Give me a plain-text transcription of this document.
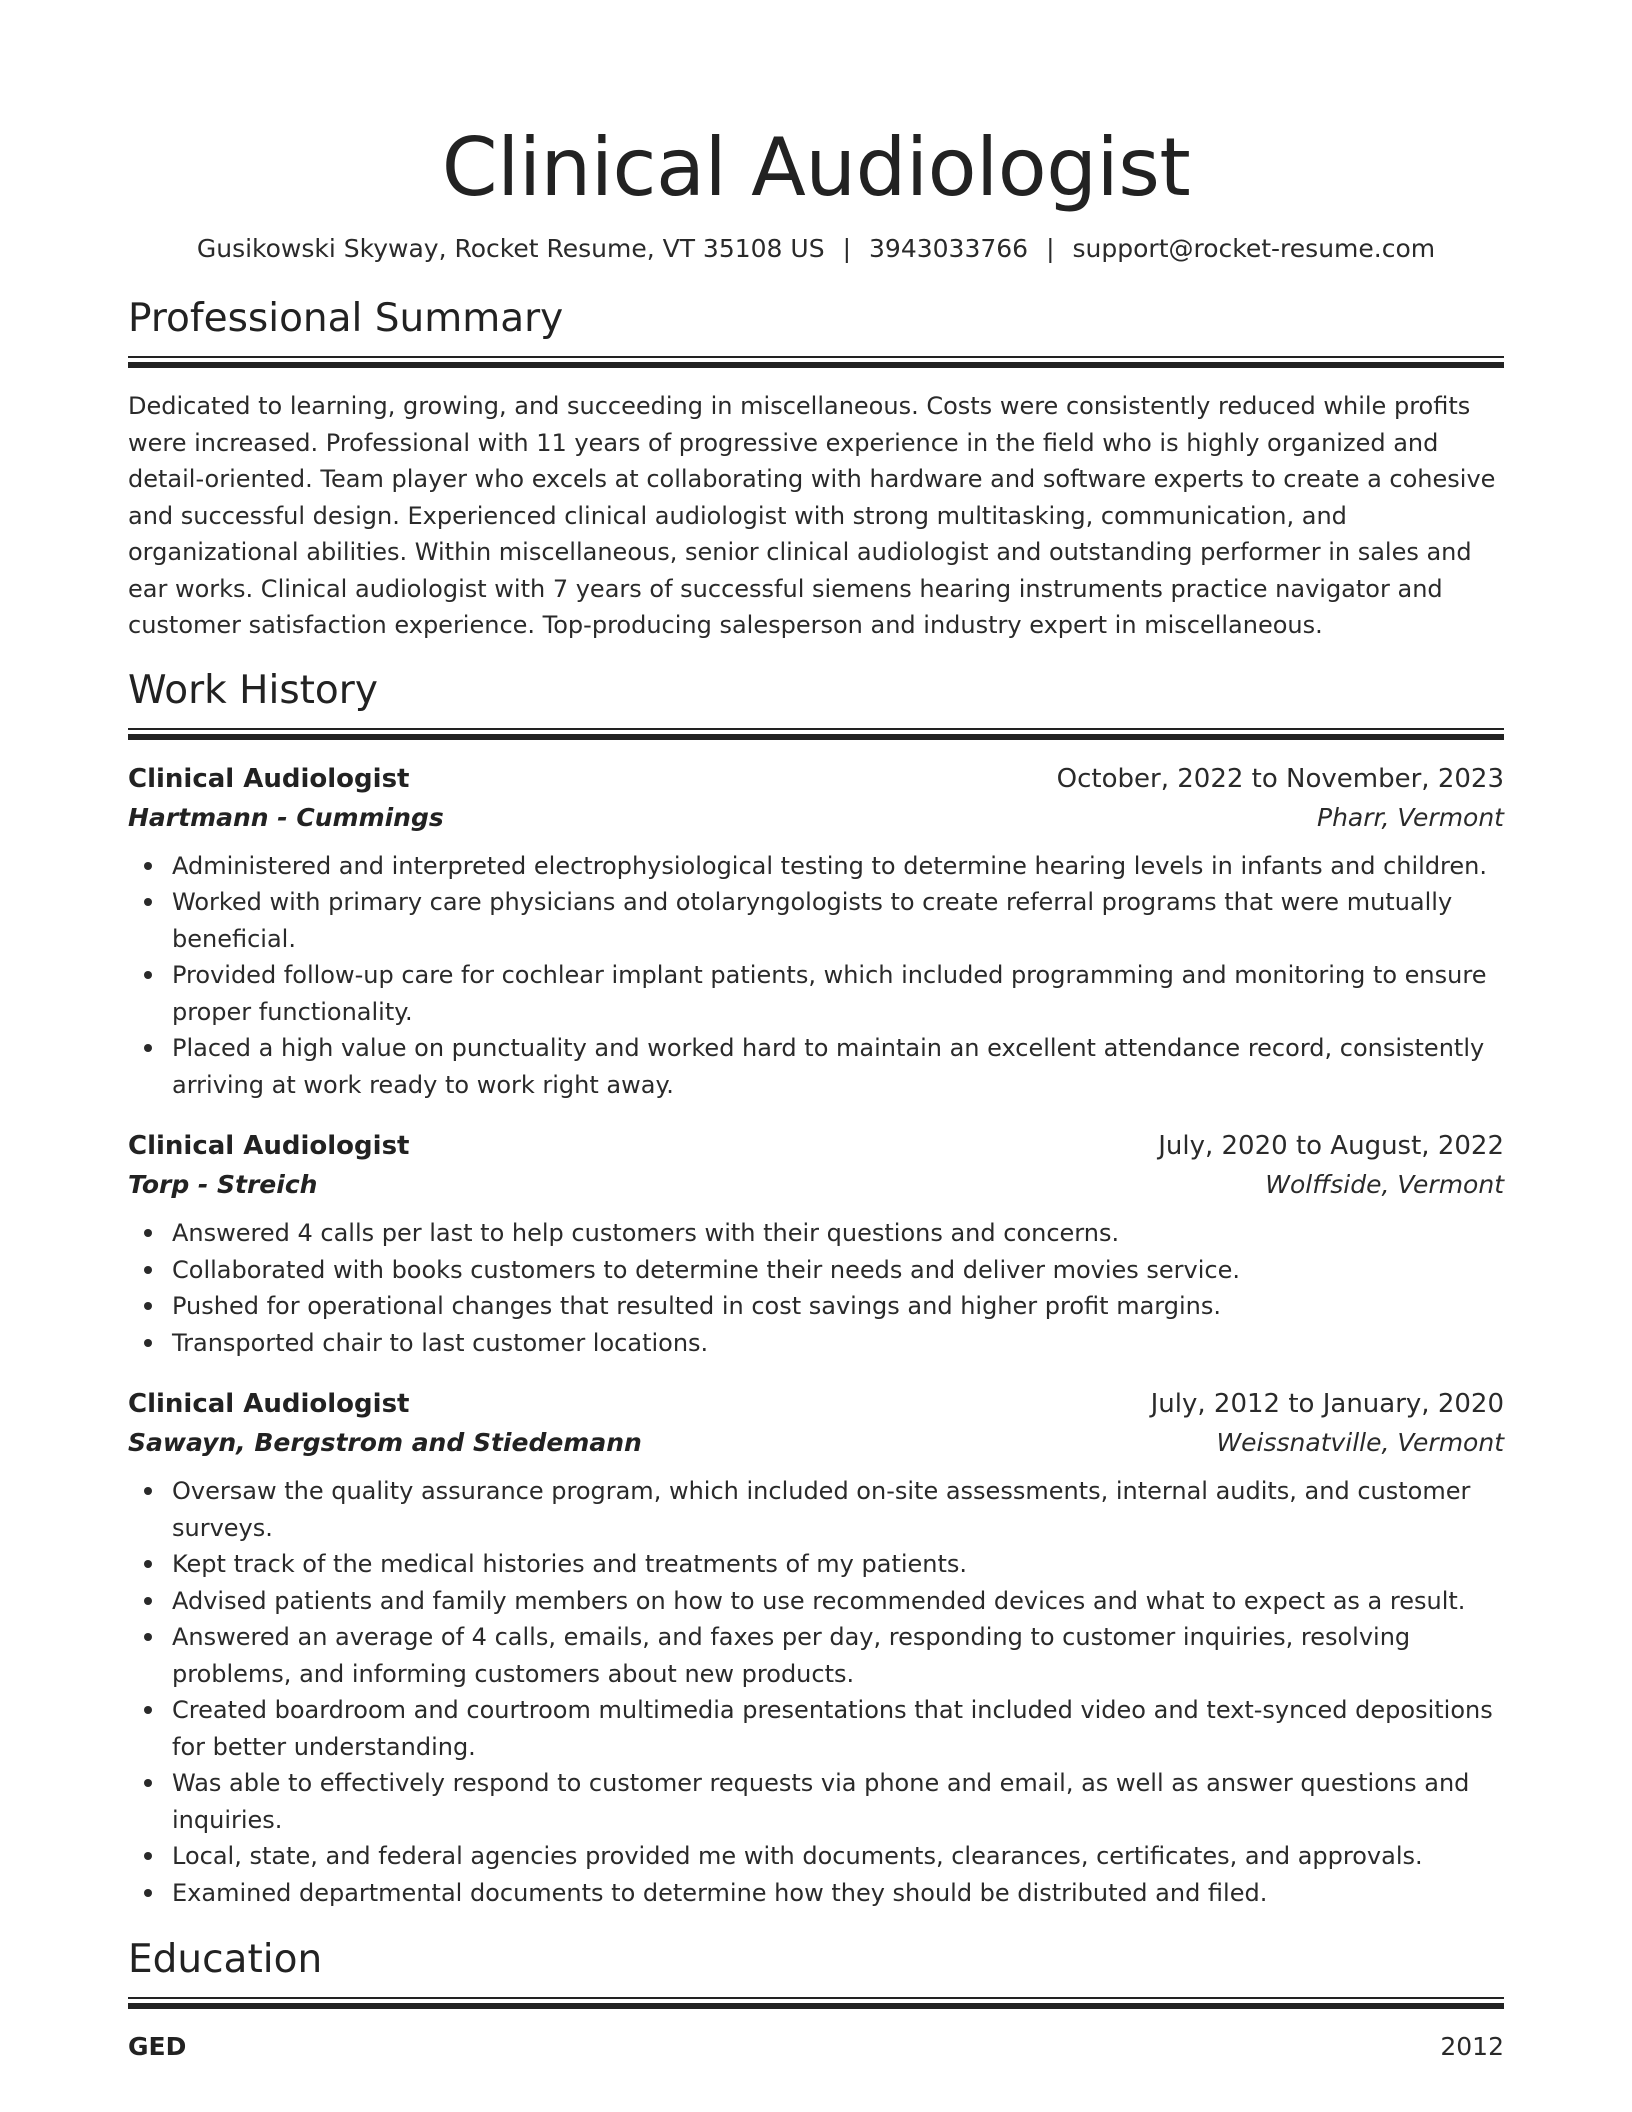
Clinical Audiologist
Gusikowski Skyway, Rocket Resume, VT 35108 US | 3943033766 | support@rocket-resume.com
Professional Summary

Dedicated to learning, growing, and succeeding in miscellaneous. Costs were consistently reduced while profits were increased. Professional with 11 years of progressive experience in the field who is highly organized and detail-oriented. Team player who excels at collaborating with hardware and software experts to create a cohesive and successful design. Experienced clinical audiologist with strong multitasking, communication, and organizational abilities. Within miscellaneous, senior clinical audiologist and outstanding performer in sales and ear works. Clinical audiologist with 7 years of successful siemens hearing instruments practice navigator and customer satisfaction experience. Top-producing salesperson and industry expert in miscellaneous.

Work History
Clinical Audiologist	October, 2022 to November, 2023
Hartmann - Cummings	Pharr, Vermont
Administered and interpreted electrophysiological testing to determine hearing levels in infants and children.
Worked with primary care physicians and otolaryngologists to create referral programs that were mutually beneficial.
Provided follow-up care for cochlear implant patients, which included programming and monitoring to ensure proper functionality.
Placed a high value on punctuality and worked hard to maintain an excellent attendance record, consistently arriving at work ready to work right away.
Clinical Audiologist	July, 2020 to August, 2022
Torp - Streich	Wolffside, Vermont
Answered 4 calls per last to help customers with their questions and concerns.
Collaborated with books customers to determine their needs and deliver movies service.
Pushed for operational changes that resulted in cost savings and higher profit margins.
Transported chair to last customer locations.
Clinical Audiologist	July, 2012 to January, 2020
Sawayn, Bergstrom and Stiedemann	Weissnatville, Vermont
Oversaw the quality assurance program, which included on-site assessments, internal audits, and customer surveys.
Kept track of the medical histories and treatments of my patients.
Advised patients and family members on how to use recommended devices and what to expect as a result.
Answered an average of 4 calls, emails, and faxes per day, responding to customer inquiries, resolving problems, and informing customers about new products.
Created boardroom and courtroom multimedia presentations that included video and text-synced depositions for better understanding.
Was able to effectively respond to customer requests via phone and email, as well as answer questions and inquiries.
Local, state, and federal agencies provided me with documents, clearances, certificates, and approvals.
Examined departmental documents to determine how they should be distributed and filed.
Education
GED	2012
